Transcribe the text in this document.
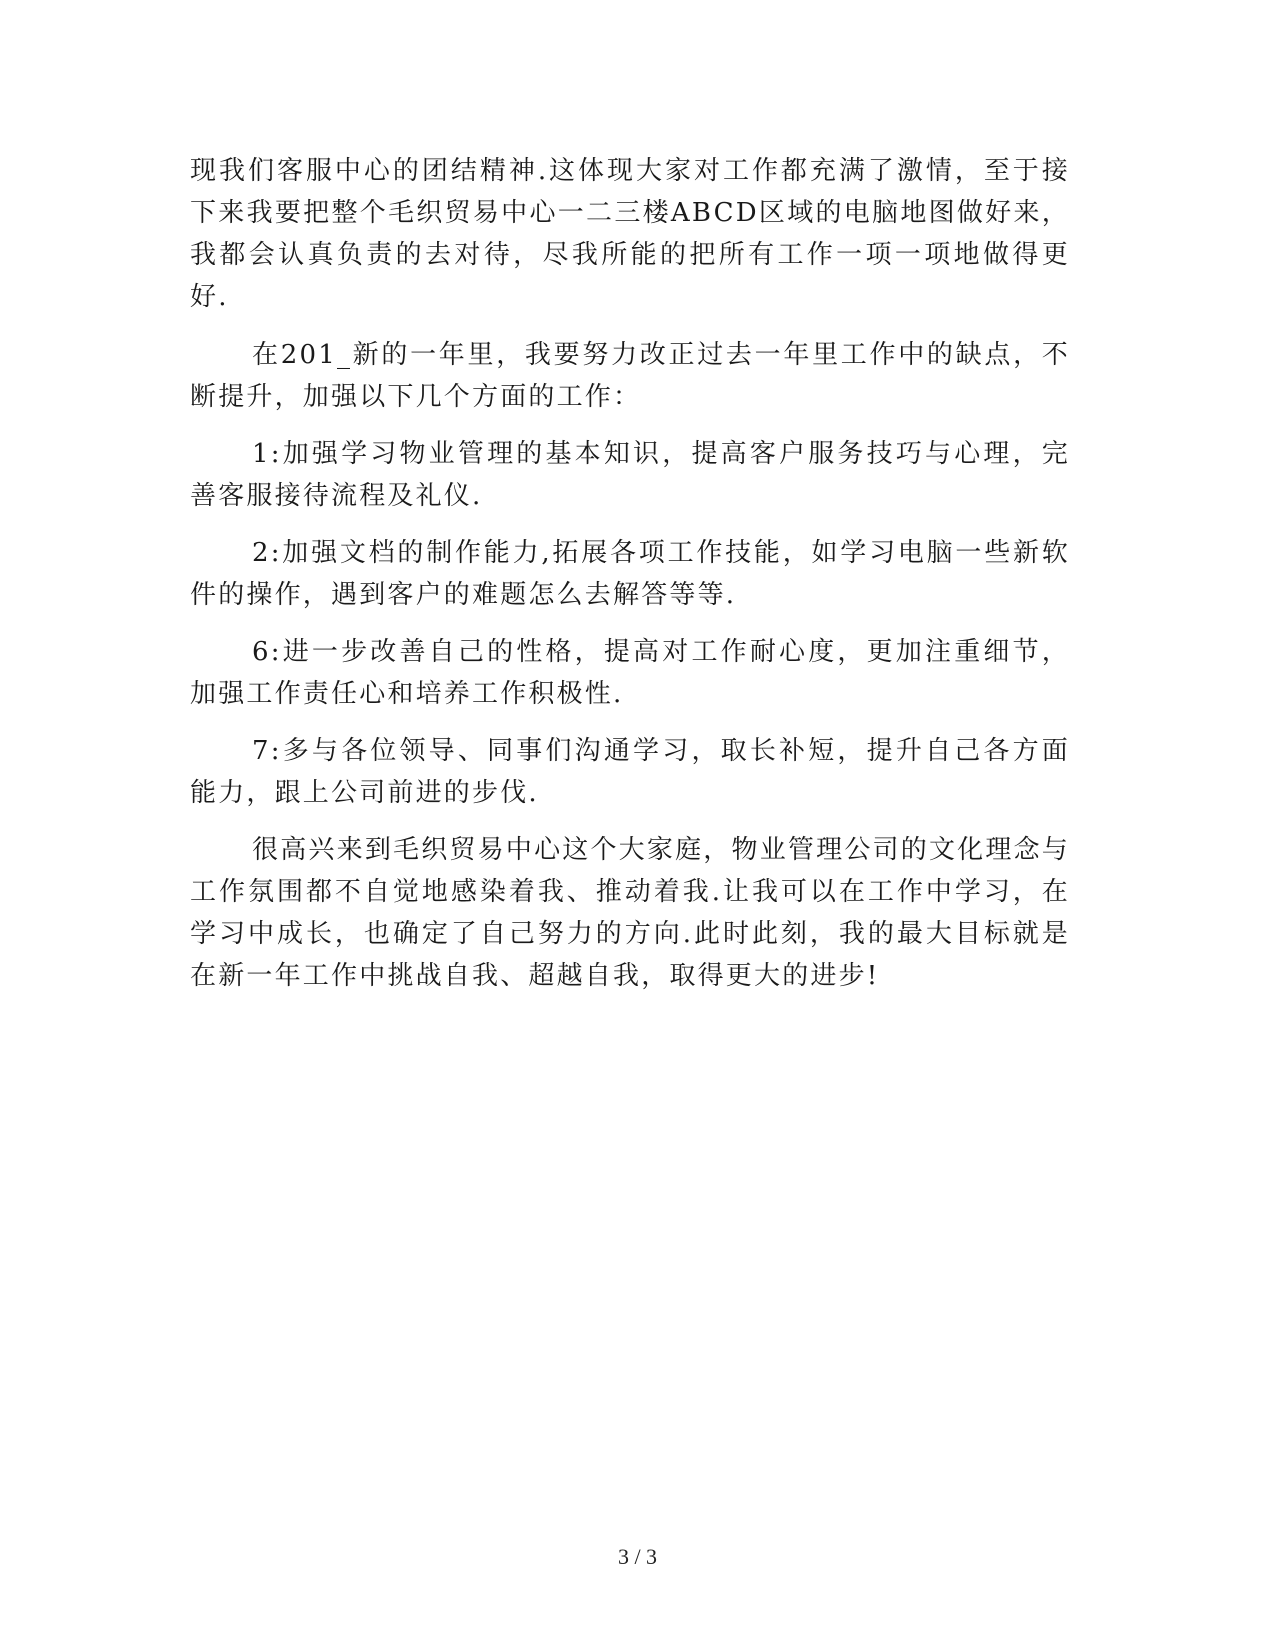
现我们客服中心的团结精神.这体现大家对工作都充满了激情，至于接下来我要把整个毛织贸易中心一二三楼ABCD区域的电脑地图做好来，我都会认真负责的去对待，尽我所能的把所有工作一项一项地做得更好.

在201_新的一年里，我要努力改正过去一年里工作中的缺点，不断提升，加强以下几个方面的工作：

1:加强学习物业管理的基本知识，提高客户服务技巧与心理，完善客服接待流程及礼仪.

2:加强文档的制作能力,拓展各项工作技能，如学习电脑一些新软件的操作，遇到客户的难题怎么去解答等等.

6:进一步改善自己的性格，提高对工作耐心度，更加注重细节，加强工作责任心和培养工作积极性.

7:多与各位领导、同事们沟通学习，取长补短，提升自己各方面能力，跟上公司前进的步伐.

很高兴来到毛织贸易中心这个大家庭，物业管理公司的文化理念与工作氛围都不自觉地感染着我、推动着我.让我可以在工作中学习，在学习中成长，也确定了自己努力的方向.此时此刻，我的最大目标就是在新一年工作中挑战自我、超越自我，取得更大的进步!

3 / 3
